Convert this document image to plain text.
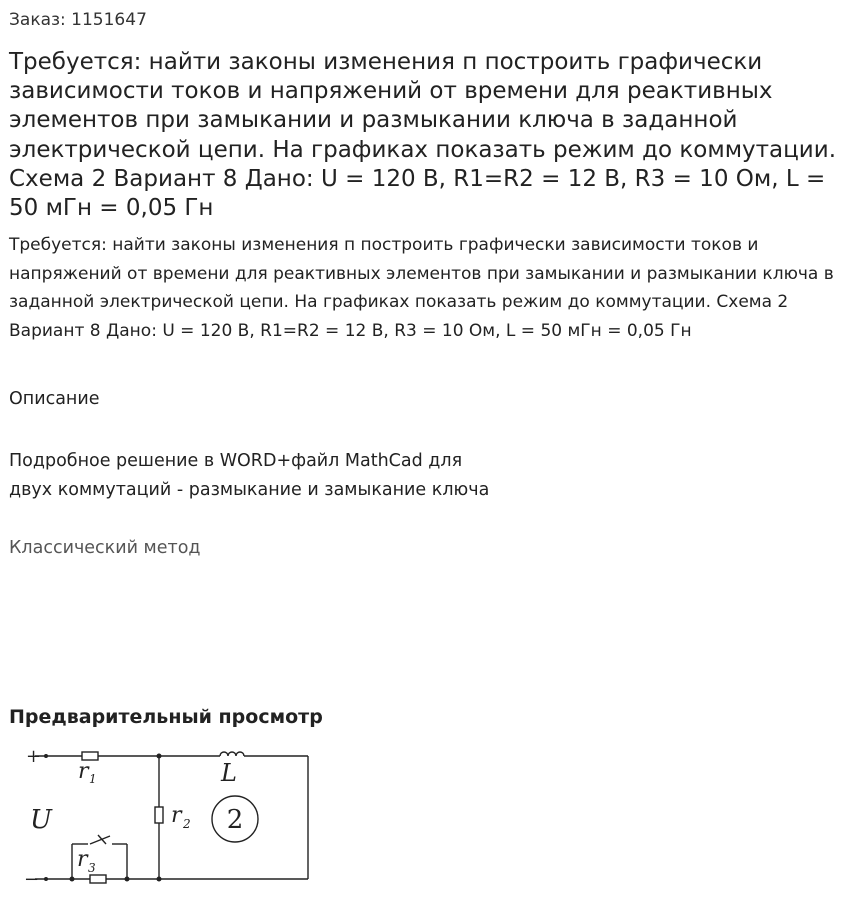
Заказ: 1151647
Требуется: найти законы изменения п построить графически зависимости токов и напряжений от времени для реактивных элементов при замыкании и размыкании ключа в заданной электрической цепи. На графиках показать режим до коммутации. Схема 2 Вариант 8 Дано: U = 120 В, R1=R2 = 12 В, R3 = 10 Ом, L = 50 мГн = 0,05 Гн
Требуется: найти законы изменения п построить графически зависимости токов и напряжений от времени для реактивных элементов при замыкании и размыкании ключа в заданной электрической цепи. На графиках показать режим до коммутации. Схема 2 Вариант 8 Дано: U = 120 В, R1=R2 = 12 В, R3 = 10 Ом, L = 50 мГн = 0,05 Гн
Описание
Подробное решение в WORD+файл MathCad для
двух коммутаций - размыкание и замыкание ключа
Классический метод
Предварительный просмотр
+
−
U
r 1	L
r 2
r 3
2
